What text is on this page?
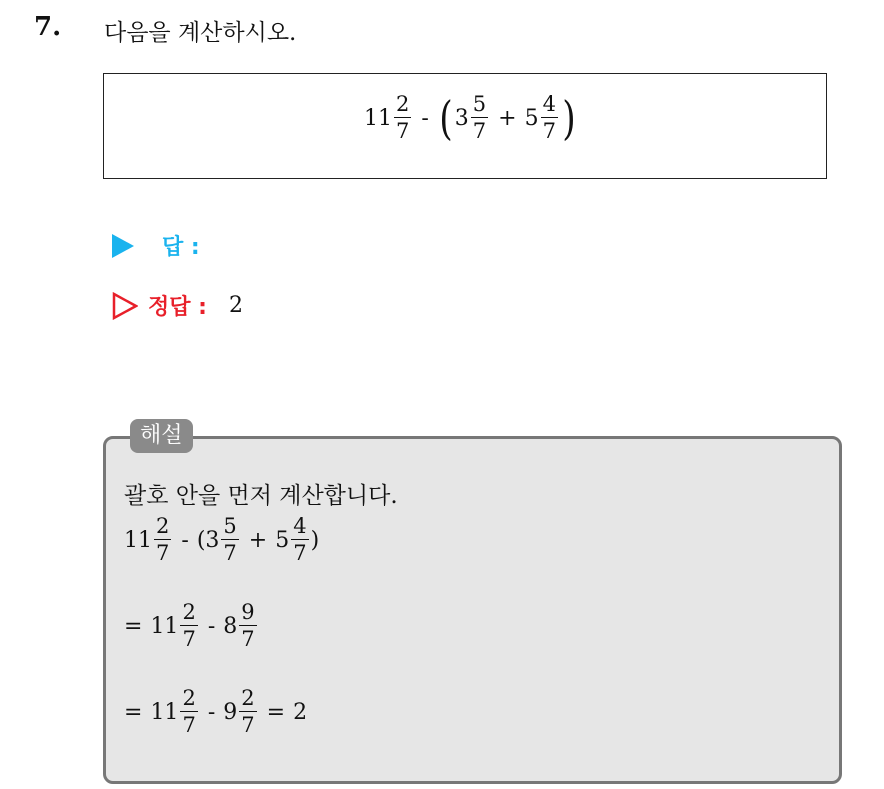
7. 다음을 계산하시오.
$11 \frac{2}{7}$ - ( $3 \frac{5}{7} + 5 \frac{4}{7}$ )
답 :
정답 : 2
해설
괄호 안을 먼저 계산합니다.
$11 \frac{2}{7}$ - ( $3 \frac{5}{7} + 5 \frac{4}{7}$ )
= $11 \frac{2}{7} - 8 \frac{9}{7}$
= $11 \frac{2}{7} - 9 \frac{2}{7} = 2$
